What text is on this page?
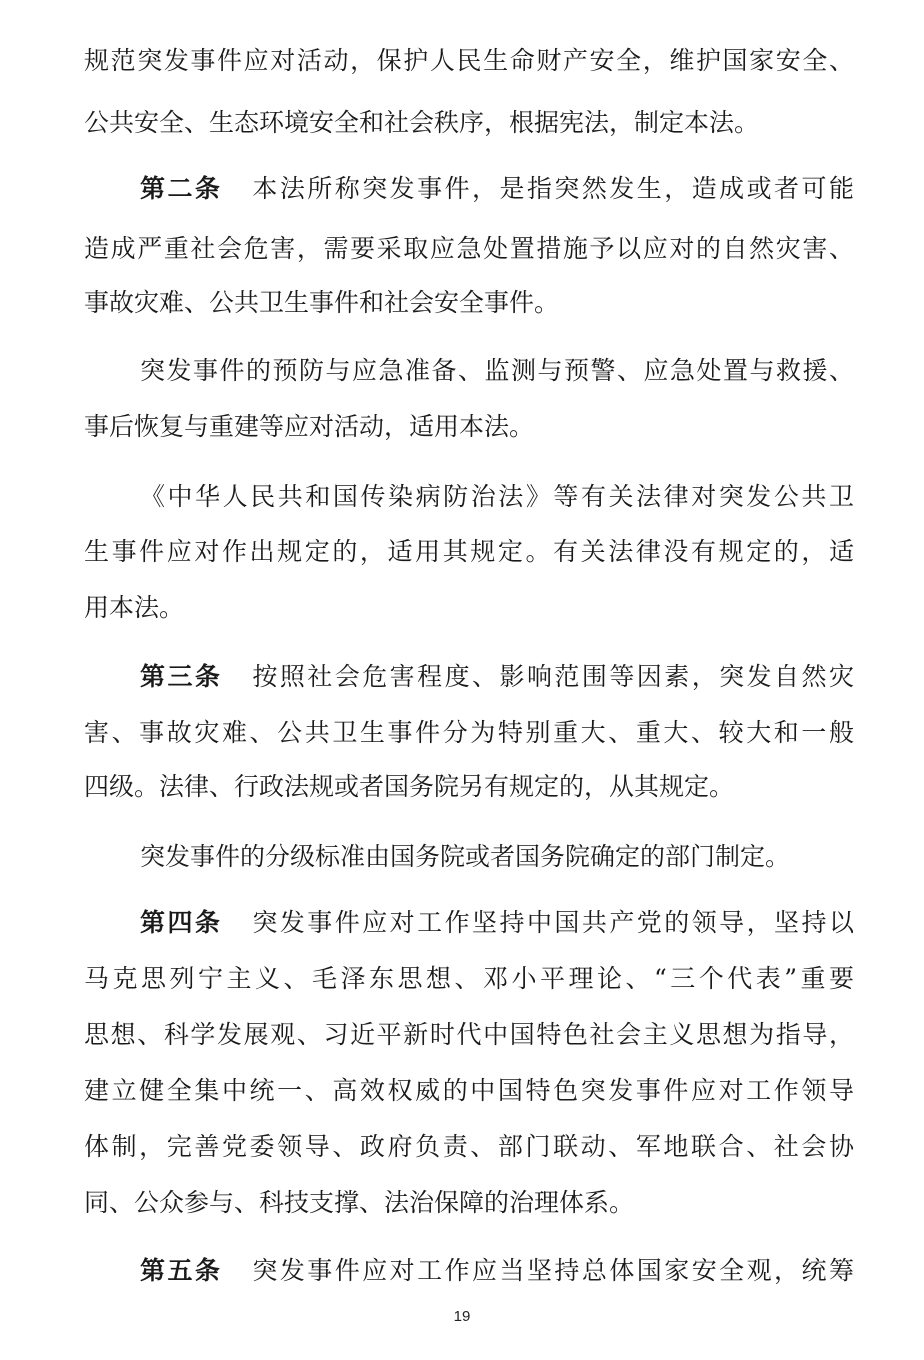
规范突发事件应对活动，保护人民生命财产安全，维护国家安全、
公共安全、生态环境安全和社会秩序，根据宪法，制定本法。
第二条 本法所称突发事件，是指突然发生，造成或者可能
造成严重社会危害，需要采取应急处置措施予以应对的自然灾害、
事故灾难、公共卫生事件和社会安全事件。
突发事件的预防与应急准备、监测与预警、应急处置与救援、
事后恢复与重建等应对活动，适用本法。
《中华人民共和国传染病防治法》等有关法律对突发公共卫
生事件应对作出规定的，适用其规定。有关法律没有规定的，适
用本法。
第三条 按照社会危害程度、影响范围等因素，突发自然灾
害、事故灾难、公共卫生事件分为特别重大、重大、较大和一般
四级。法律、行政法规或者国务院另有规定的，从其规定。
突发事件的分级标准由国务院或者国务院确定的部门制定。
第四条 突发事件应对工作坚持中国共产党的领导，坚持以
马克思列宁主义、毛泽东思想、邓小平理论、“三个代表”重要
思想、科学发展观、习近平新时代中国特色社会主义思想为指导，
建立健全集中统一、高效权威的中国特色突发事件应对工作领导
体制，完善党委领导、政府负责、部门联动、军地联合、社会协
同、公众参与、科技支撑、法治保障的治理体系。
第五条 突发事件应对工作应当坚持总体国家安全观，统筹
19
